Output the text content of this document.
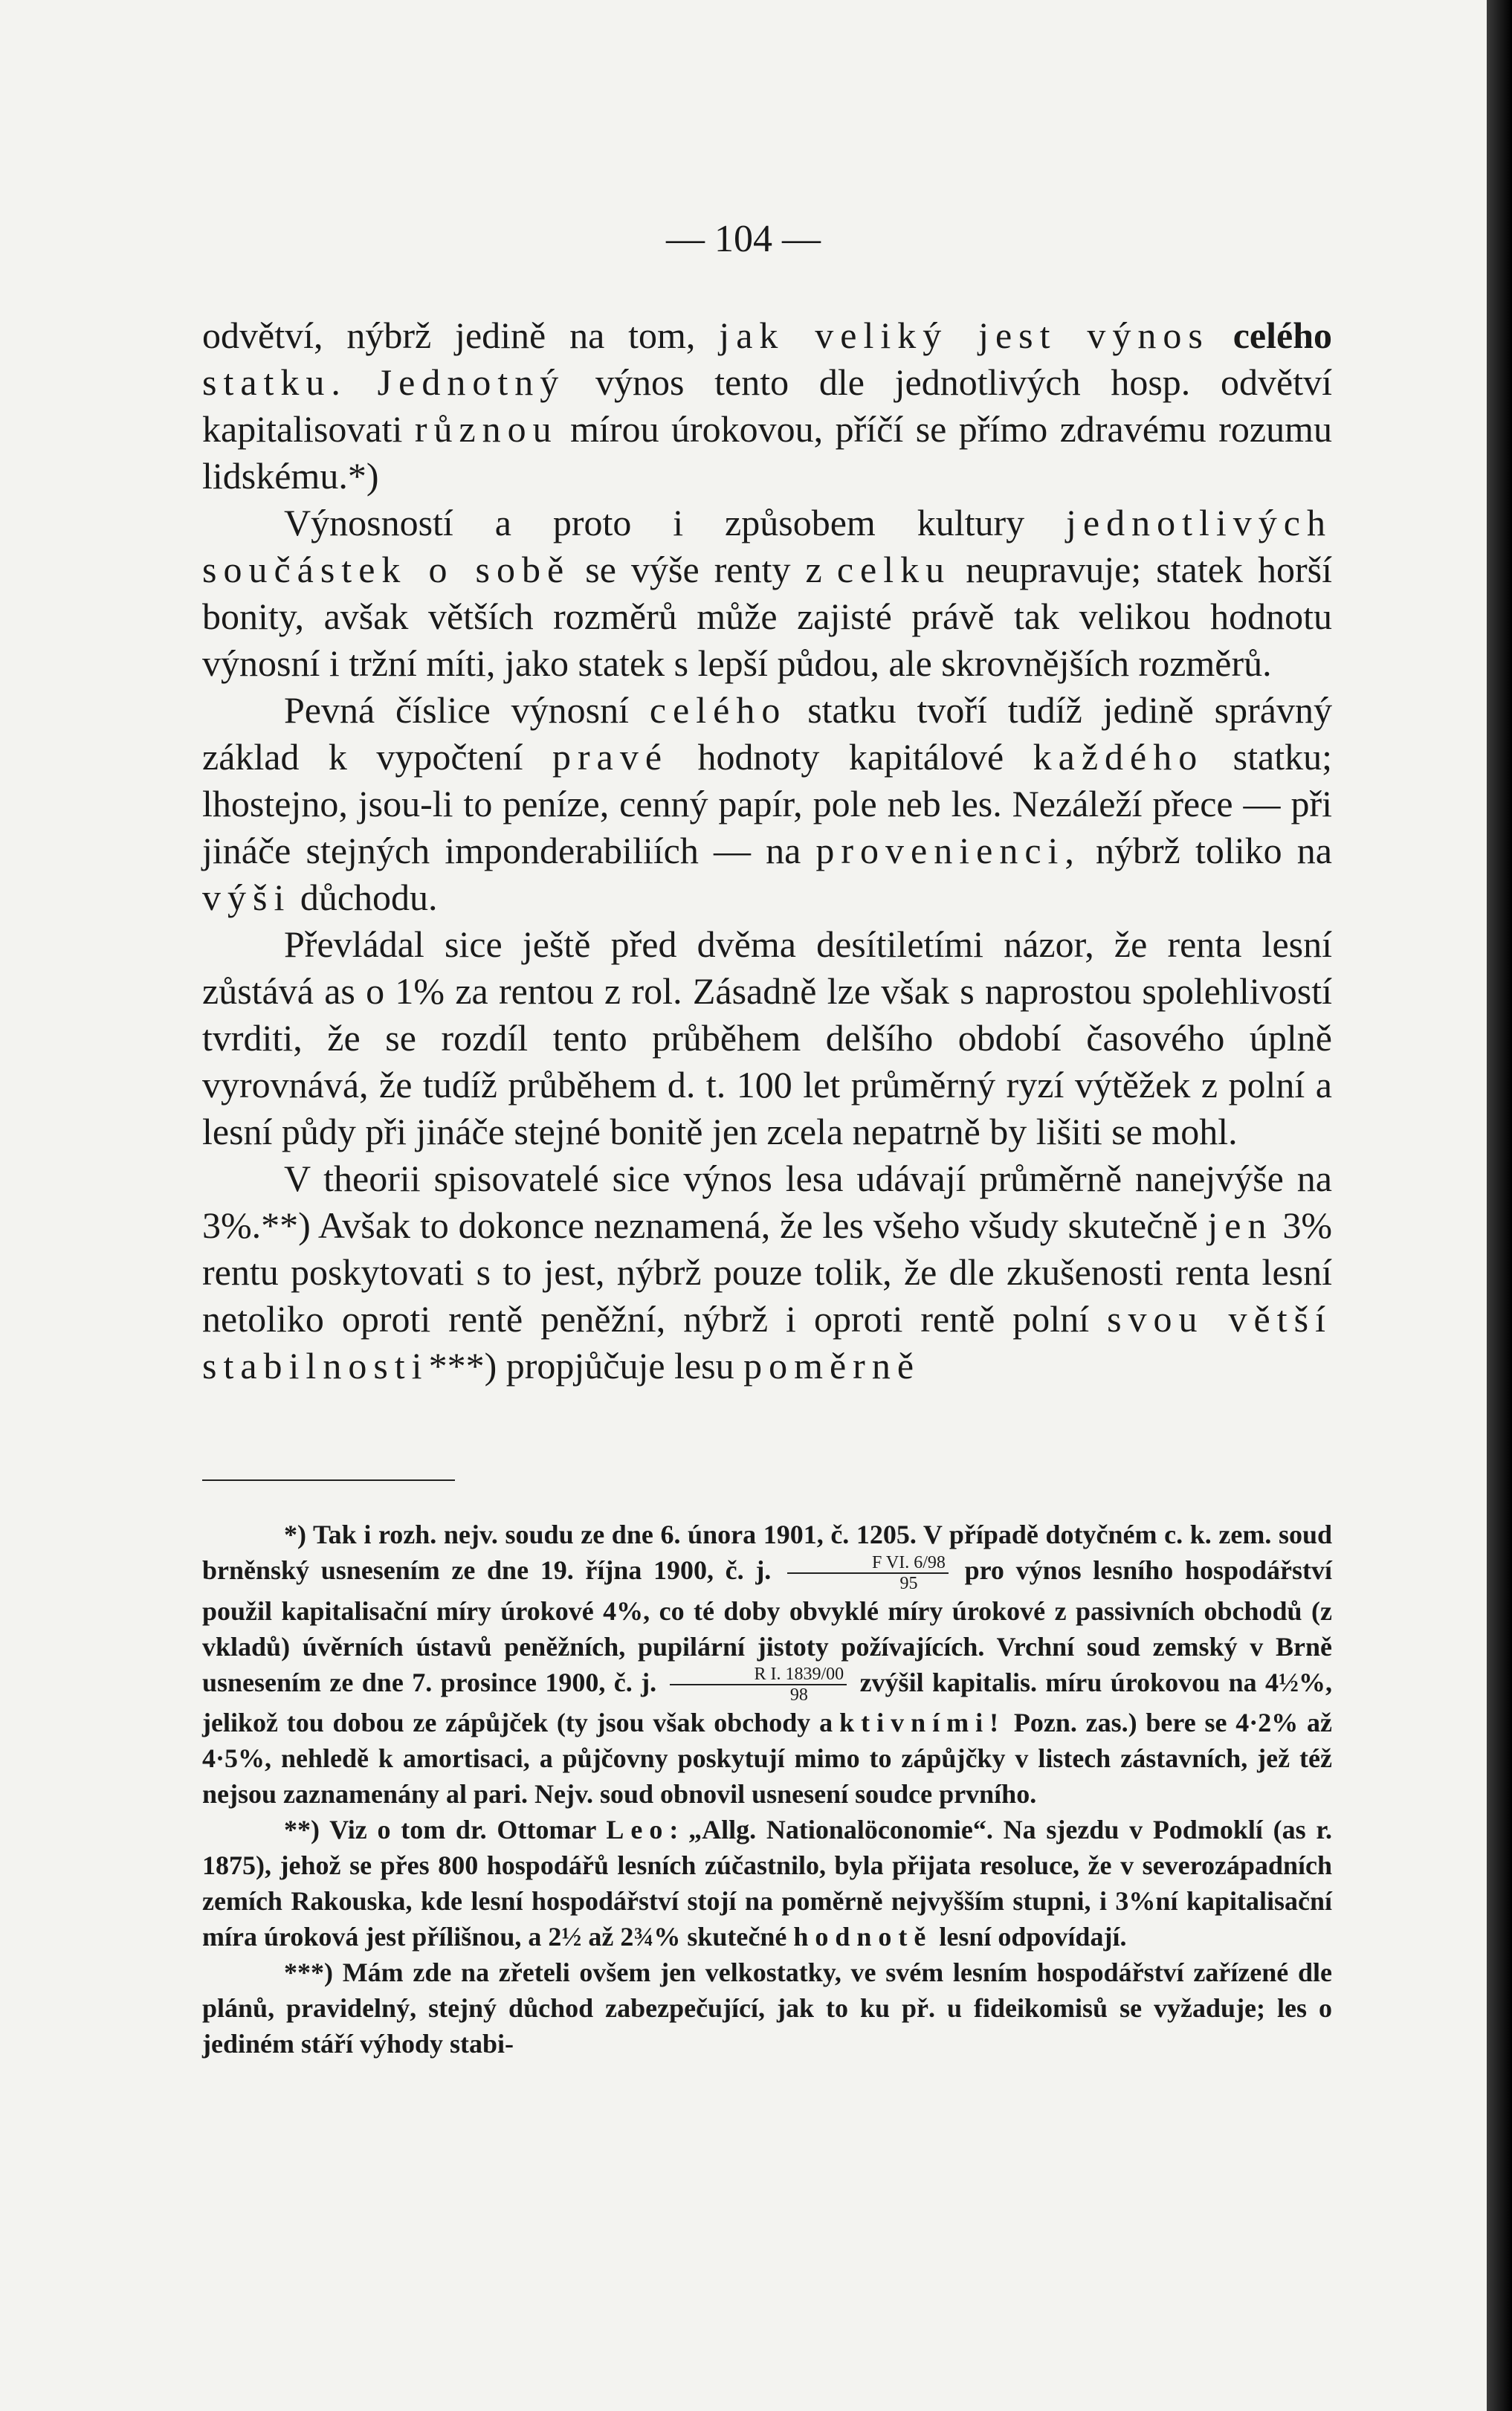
— 104 —

odvětví, nýbrž jedině na tom, jak veliký jest výnos celého statku. Jednotný výnos tento dle jednotlivých hosp. odvětví kapitalisovati různou mírou úrokovou, příčí se přímo zdravému rozumu lidskému.*)

Výnosností a proto i způsobem kultury jednotlivých součástek o sobě se výše renty z celku neupravuje; statek horší bonity, avšak větších rozměrů může zajisté právě tak velikou hodnotu výnosní i tržní míti, jako statek s lepší půdou, ale skrovnějších rozměrů.

Pevná číslice výnosní celého statku tvoří tudíž jedině správný základ k vypočtení pravé hodnoty kapitálové každého statku; lhostejno, jsou-li to peníze, cenný papír, pole neb les. Nezáleží přece — při jináče stejných imponderabiliích — na provenienci, nýbrž toliko na výši důchodu.

Převládal sice ještě před dvěma desítiletími názor, že renta lesní zůstává as o 1% za rentou z rol. Zásadně lze však s naprostou spolehlivostí tvrditi, že se rozdíl tento průběhem delšího období časového úplně vyrovnává, že tudíž průběhem d. t. 100 let průměrný ryzí výtěžek z polní a lesní půdy při jináče stejné bonitě jen zcela nepatrně by lišiti se mohl.

V theorii spisovatelé sice výnos lesa udávají průměrně nanejvýše na 3%.**) Avšak to dokonce neznamená, že les všeho všudy skutečně jen 3% rentu poskytovati s to jest, nýbrž pouze tolik, že dle zkušenosti renta lesní netoliko oproti rentě peněžní, nýbrž i oproti rentě polní svou větší stabilnosti***) propjůčuje lesu poměrně

*) Tak i rozh. nejv. soudu ze dne 6. února 1901, č. 1205. V případě dotyčném c. k. zem. soud brněnský usnesením ze dne 19. října 1900, č. j. $\frac{\text{F VI. 6/98}}{95}$ pro výnos lesního hospodářství použil kapitalisační míry úrokové 4%, co té doby obvyklé míry úrokové z passivních obchodů (z vkladů) úvěrních ústavů peněžních, pupilární jistoty požívajících. Vrchní soud zemský v Brně usnesením ze dne 7. prosince 1900, č. j. $\frac{\text{R I. 1839/00}}{98}$ zvýšil kapitalis. míru úrokovou na 4½%, jelikož tou dobou ze zápůjček (ty jsou však obchody aktivními! Pozn. zas.) bere se 4·2% až 4·5%, nehledě k amortisaci, a půjčovny poskytují mimo to zápůjčky v listech zástavních, jež též nejsou zaznamenány al pari. Nejv. soud obnovil usnesení soudce prvního.

**) Viz o tom dr. Ottomar Leo: „Allg. Nationalöconomie“. Na sjezdu v Podmoklí (as r. 1875), jehož se přes 800 hospodářů lesních zúčastnilo, byla přijata resoluce, že v severozápadních zemích Rakouska, kde lesní hospodářství stojí na poměrně nejvyšším stupni, i 3%ní kapitalisační míra úroková jest přílišnou, a 2½ až 2¾% skutečné hodnotě lesní odpovídají.

***) Mám zde na zřeteli ovšem jen velkostatky, ve svém lesním hospodářství zařízené dle plánů, pravidelný, stejný důchod zabezpečující, jak to ku př. u fideikomisů se vyžaduje; les o jediném stáří výhody stabi-
